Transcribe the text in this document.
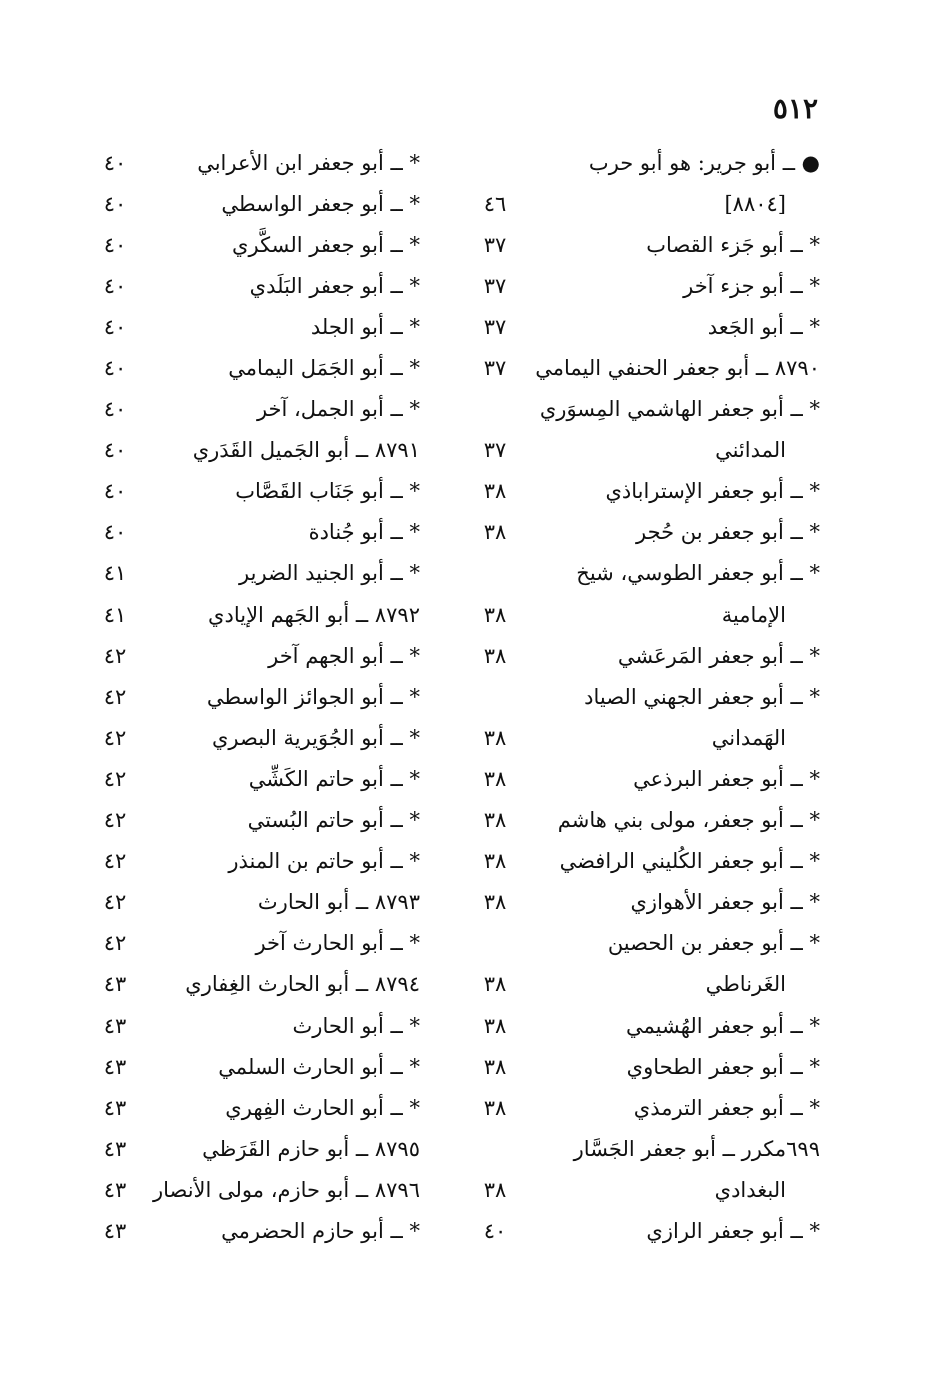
٥١٢
● ــ أبو جرير: هو أبو حرب
[٨٨٠٤]
٤٦
* ــ أبو جَزء القصاب
٣٧
* ــ أبو جزء آخر
٣٧
* ــ أبو الجَعد
٣٧
٨٧٩٠ ــ أبو جعفر الحنفي اليمامي
٣٧
* ــ أبو جعفر الهاشمي المِسوَري
المدائني
٣٧
* ــ أبو جعفر الإستراباذي
٣٨
* ــ أبو جعفر بن حُجر
٣٨
* ــ أبو جعفر الطوسي، شيخ
الإمامية
٣٨
* ــ أبو جعفر المَرعَشي
٣٨
* ــ أبو جعفر الجهني الصياد
الهَمداني
٣٨
* ــ أبو جعفر البرذعي
٣٨
* ــ أبو جعفر، مولى بني هاشم
٣٨
* ــ أبو جعفر الكُليني الرافضي
٣٨
* ــ أبو جعفر الأهوازي
٣٨
* ــ أبو جعفر بن الحصين
الغَرناطي
٣٨
* ــ أبو جعفر الهُشيمي
٣٨
* ــ أبو جعفر الطحاوي
٣٨
* ــ أبو جعفر الترمذي
٣٨
٦٩٩مكرر ــ أبو جعفر الجَسَّار
البغدادي
٣٨
* ــ أبو جعفر الرازي
٤٠
* ــ أبو جعفر ابن الأعرابي
٤٠
* ــ أبو جعفر الواسطي
٤٠
* ــ أبو جعفر السكَّري
٤٠
* ــ أبو جعفر البَلَدي
٤٠
* ــ أبو الجلد
٤٠
* ــ أبو الجَمَل اليمامي
٤٠
* ــ أبو الجمل، آخر
٤٠
٨٧٩١ ــ أبو الجَميل القَدَري
٤٠
* ــ أبو جَنَاب القَصَّاب
٤٠
* ــ أبو جُنادة
٤٠
* ــ أبو الجنيد الضرير
٤١
٨٧٩٢ ــ أبو الجَهم الإيادي
٤١
* ــ أبو الجهم آخر
٤٢
* ــ أبو الجوائز الواسطي
٤٢
* ــ أبو الجُوَيرية البصري
٤٢
* ــ أبو حاتم الكَشِّي
٤٢
* ــ أبو حاتم البُستي
٤٢
* ــ أبو حاتم بن المنذر
٤٢
٨٧٩٣ ــ أبو الحارث
٤٢
* ــ أبو الحارث آخر
٤٢
٨٧٩٤ ــ أبو الحارث الغِفاري
٤٣
* ــ أبو الحارث
٤٣
* ــ أبو الحارث السلمي
٤٣
* ــ أبو الحارث الفِهري
٤٣
٨٧٩٥ ــ أبو حازم القَرَظي
٤٣
٨٧٩٦ ــ أبو حازم، مولى الأنصار
٤٣
* ــ أبو حازم الحضرمي
٤٣
